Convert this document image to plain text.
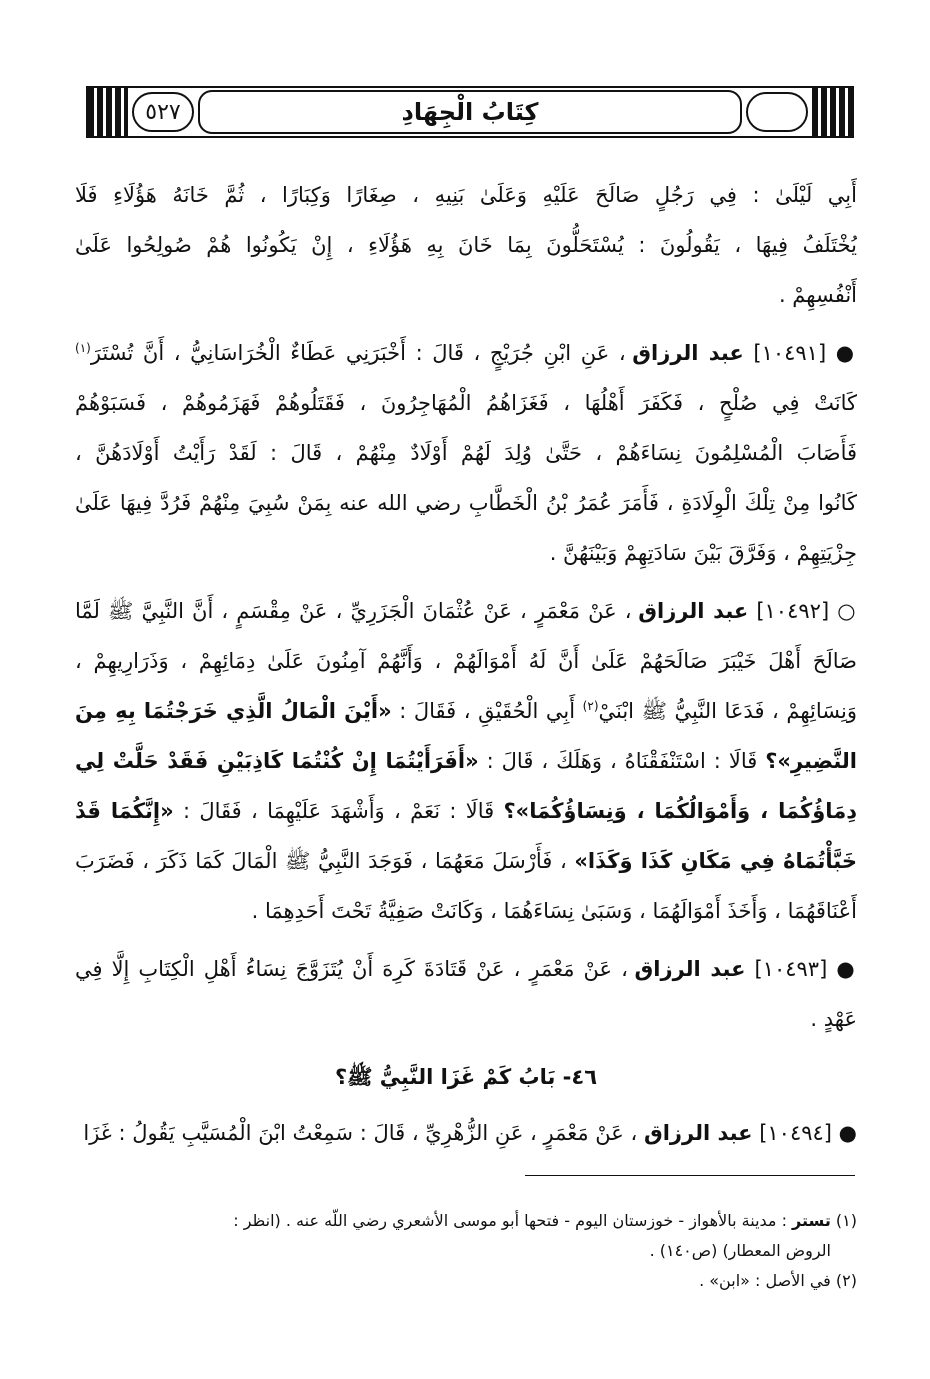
٥٢٧	كِتَابُ الْجِهَادِ
أَبِي لَيْلَىٰ : فِي رَجُلٍ صَالَحَ عَلَيْهِ وَعَلَىٰ بَنِيهِ ، صِغَارًا وَكِبَارًا ، ثُمَّ خَانَهُ هَؤُلَاءِ فَلَا
يُخْتَلَفُ فِيهَا ، يَقُولُونَ : يُسْتَحَلُّونَ بِمَا خَانَ بِهِ هَؤُلَاءِ ، إِنْ يَكُونُوا هُمْ صُولِحُوا عَلَىٰ
أَنْفُسِهِمْ .
● [١٠٤٩١] عبد الرزاق ، عَنِ ابْنِ جُرَيْجٍ ، قَالَ : أَخْبَرَنِي عَطَاءٌ الْخُرَاسَانِيُّ ، أَنَّ تُسْتَرَ$^{(١)}$
كَانَتْ فِي صُلْحٍ ، فَكَفَرَ أَهْلُهَا ، فَغَزَاهُمُ الْمُهَاجِرُونَ ، فَقَتَلُوهُمْ فَهَزَمُوهُمْ ، فَسَبَوْهُمْ
فَأَصَابَ الْمُسْلِمُونَ نِسَاءَهُمْ ، حَتَّىٰ وُلِدَ لَهُمْ أَوْلَادٌ مِنْهُمْ ، قَالَ : لَقَدْ رَأَيْتُ أَوْلَادَهُنَّ ،
كَانُوا مِنْ تِلْكَ الْوِلَادَةِ ، فَأَمَرَ عُمَرُ بْنُ الْخَطَّابِ رضي الله عنه بِمَنْ سُبِيَ مِنْهُمْ فَرُدَّ فِيهَا عَلَىٰ
جِزْيَتِهِمْ ، وَفَرَّقَ بَيْنَ سَادَتِهِمْ وَبَيْنَهُنَّ .
○ [١٠٤٩٢] عبد الرزاق ، عَنْ مَعْمَرٍ ، عَنْ عُثْمَانَ الْجَزَرِيِّ ، عَنْ مِقْسَمٍ ، أَنَّ النَّبِيَّ ﷺ لَمَّا
صَالَحَ أَهْلَ خَيْبَرَ صَالَحَهُمْ عَلَىٰ أَنَّ لَهُ أَمْوَالَهُمْ ، وَأَنَّهُمْ آمِنُونَ عَلَىٰ دِمَائِهِمْ ، وَذَرَارِيهِمْ ،
وَنِسَائِهِمْ ، فَدَعَا النَّبِيُّ ﷺ ابْنَيْ$^{(٢)}$ أَبِي الْحُقَيْقِ ، فَقَالَ : «أَيْنَ الْمَالُ الَّذِي خَرَجْتُمَا بِهِ مِنَ
النَّضِيرِ»؟ قَالَا : اسْتَنْفَقْنَاهُ ، وَهَلَكَ ، قَالَ : «أَفَرَأَيْتُمَا إِنْ كُنْتُمَا كَاذِبَيْنِ فَقَدْ حَلَّتْ لِي
دِمَاؤُكُمَا ، وَأَمْوَالُكُمَا ، وَنِسَاؤُكُمَا»؟ قَالَا : نَعَمْ ، وَأَشْهَدَ عَلَيْهِمَا ، فَقَالَ : «إِنَّكُمَا قَدْ
خَبَّأْتُمَاهُ فِي مَكَانِ كَذَا وَكَذَا» ، فَأَرْسَلَ مَعَهُمَا ، فَوَجَدَ النَّبِيُّ ﷺ الْمَالَ كَمَا ذَكَرَ ، فَضَرَبَ
أَعْنَاقَهُمَا ، وَأَخَذَ أَمْوَالَهُمَا ، وَسَبَىٰ نِسَاءَهُمَا ، وَكَانَتْ صَفِيَّةُ تَحْتَ أَحَدِهِمَا .
● [١٠٤٩٣] عبد الرزاق ، عَنْ مَعْمَرٍ ، عَنْ قَتَادَةَ كَرِهَ أَنْ يُتَزَوَّجَ نِسَاءُ أَهْلِ الْكِتَابِ إِلَّا فِي
عَهْدٍ .
٤٦- بَابُ كَمْ غَزَا النَّبِيُّ ﷺ؟
● [١٠٤٩٤] عبد الرزاق ، عَنْ مَعْمَرٍ ، عَنِ الزُّهْرِيِّ ، قَالَ : سَمِعْتُ ابْنَ الْمُسَيَّبِ يَقُولُ : غَزَا
(١) تستر : مدينة بالأهواز - خوزستان اليوم - فتحها أبو موسى الأشعري رضي اللّه عنه . (انظر :
الروض المعطار) (ص١٤٠) .
(٢) في الأصل : «ابن» .
